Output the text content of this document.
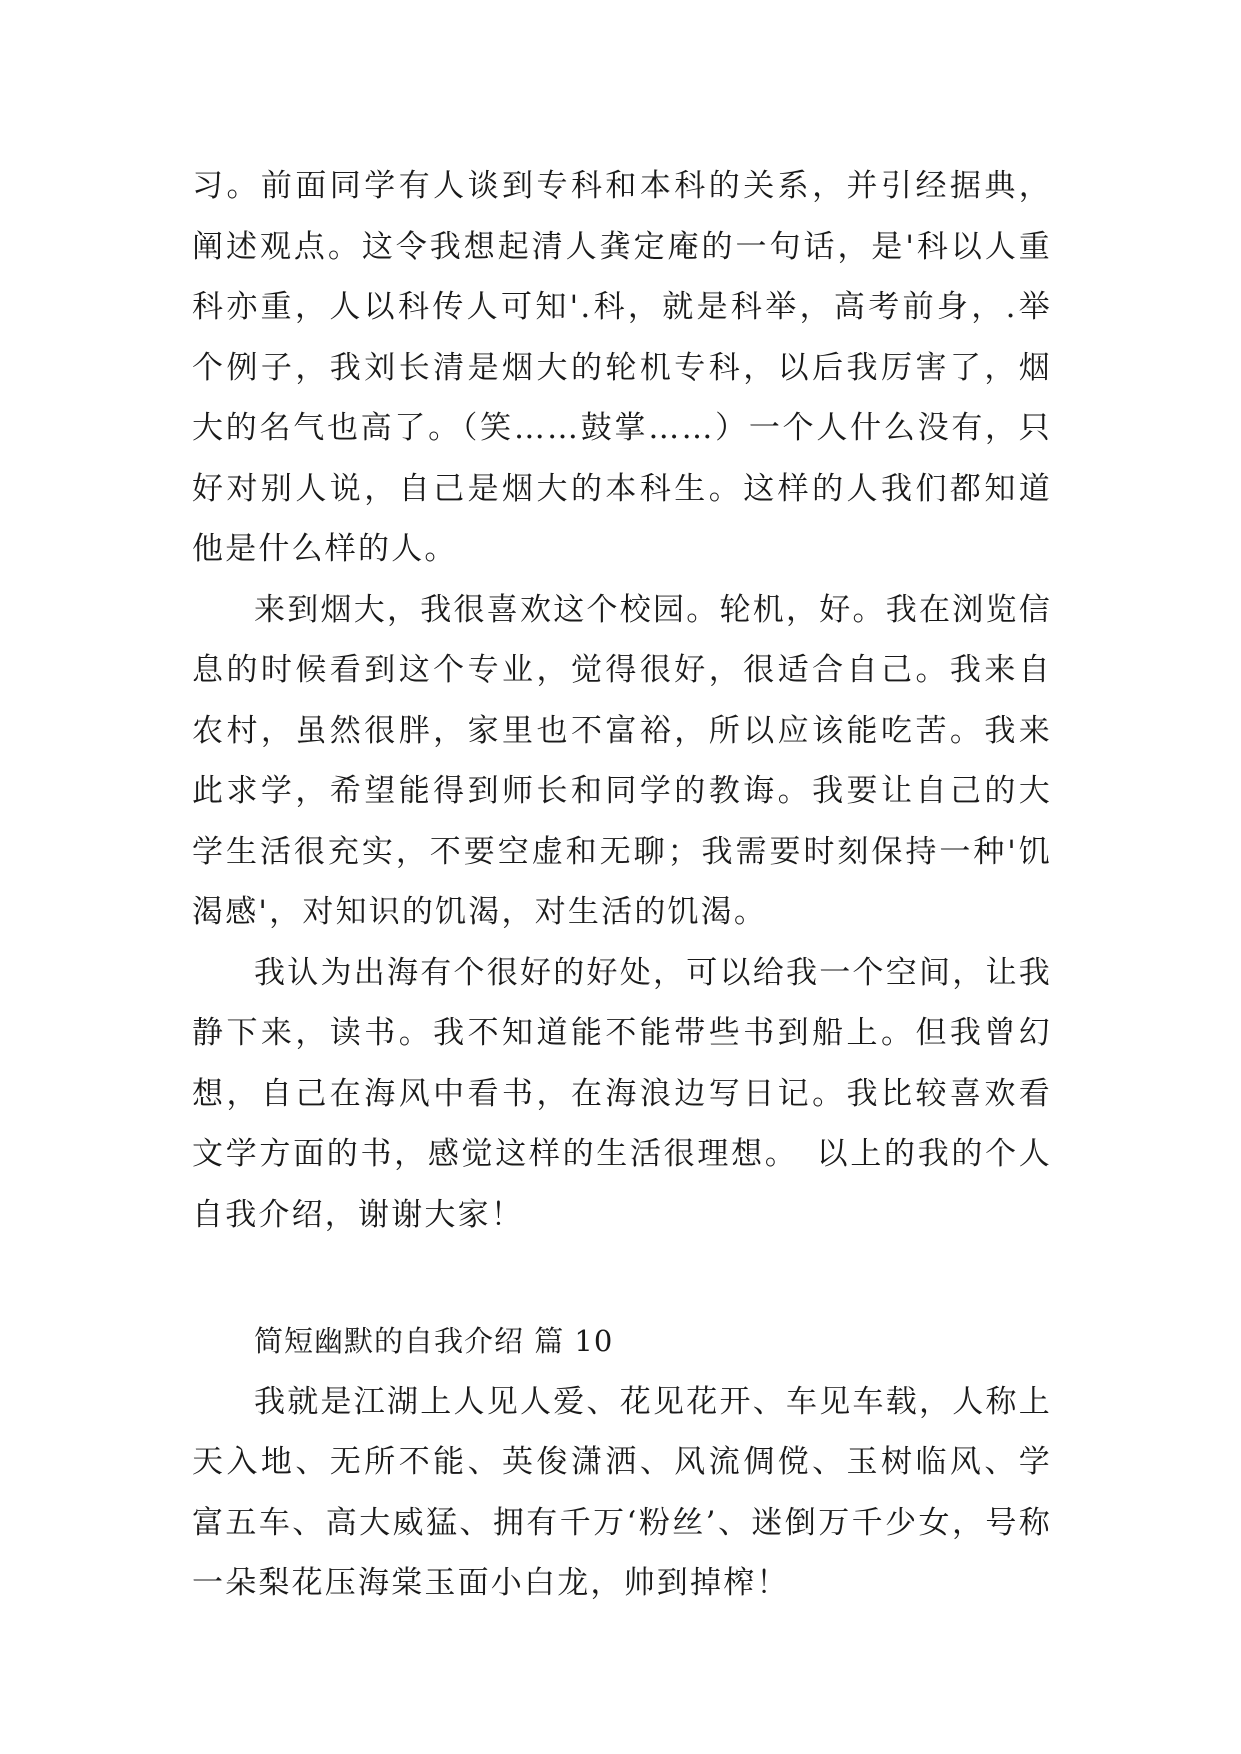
习。前面同学有人谈到专科和本科的关系，并引经据典，阐述观点。这令我想起清人龚定庵的一句话，是'科以人重科亦重，人以科传人可知'.科，就是科举，高考前身，.举个例子，我刘长清是烟大的轮机专科，以后我厉害了，烟大的名气也高了。（笑……鼓掌……）一个人什么没有，只好对别人说，自己是烟大的本科生。这样的人我们都知道他是什么样的人。

来到烟大，我很喜欢这个校园。轮机，好。我在浏览信息的时候看到这个专业，觉得很好，很适合自己。我来自农村，虽然很胖，家里也不富裕，所以应该能吃苦。我来此求学，希望能得到师长和同学的教诲。我要让自己的大学生活很充实，不要空虚和无聊；我需要时刻保持一种'饥渴感'，对知识的饥渴，对生活的饥渴。

我认为出海有个很好的好处，可以给我一个空间，让我静下来，读书。我不知道能不能带些书到船上。但我曾幻想，自己在海风中看书，在海浪边写日记。我比较喜欢看文学方面的书，感觉这样的生活很理想。　以上的我的个人自我介绍，谢谢大家！

简短幽默的自我介绍 篇 10

我就是江湖上人见人爱、花见花开、车见车载，人称上天入地、无所不能、英俊潇洒、风流倜傥、玉树临风、学富五车、高大威猛、拥有千万‘粉丝’、迷倒万千少女，号称一朵梨花压海棠玉面小白龙，帅到掉榨！
